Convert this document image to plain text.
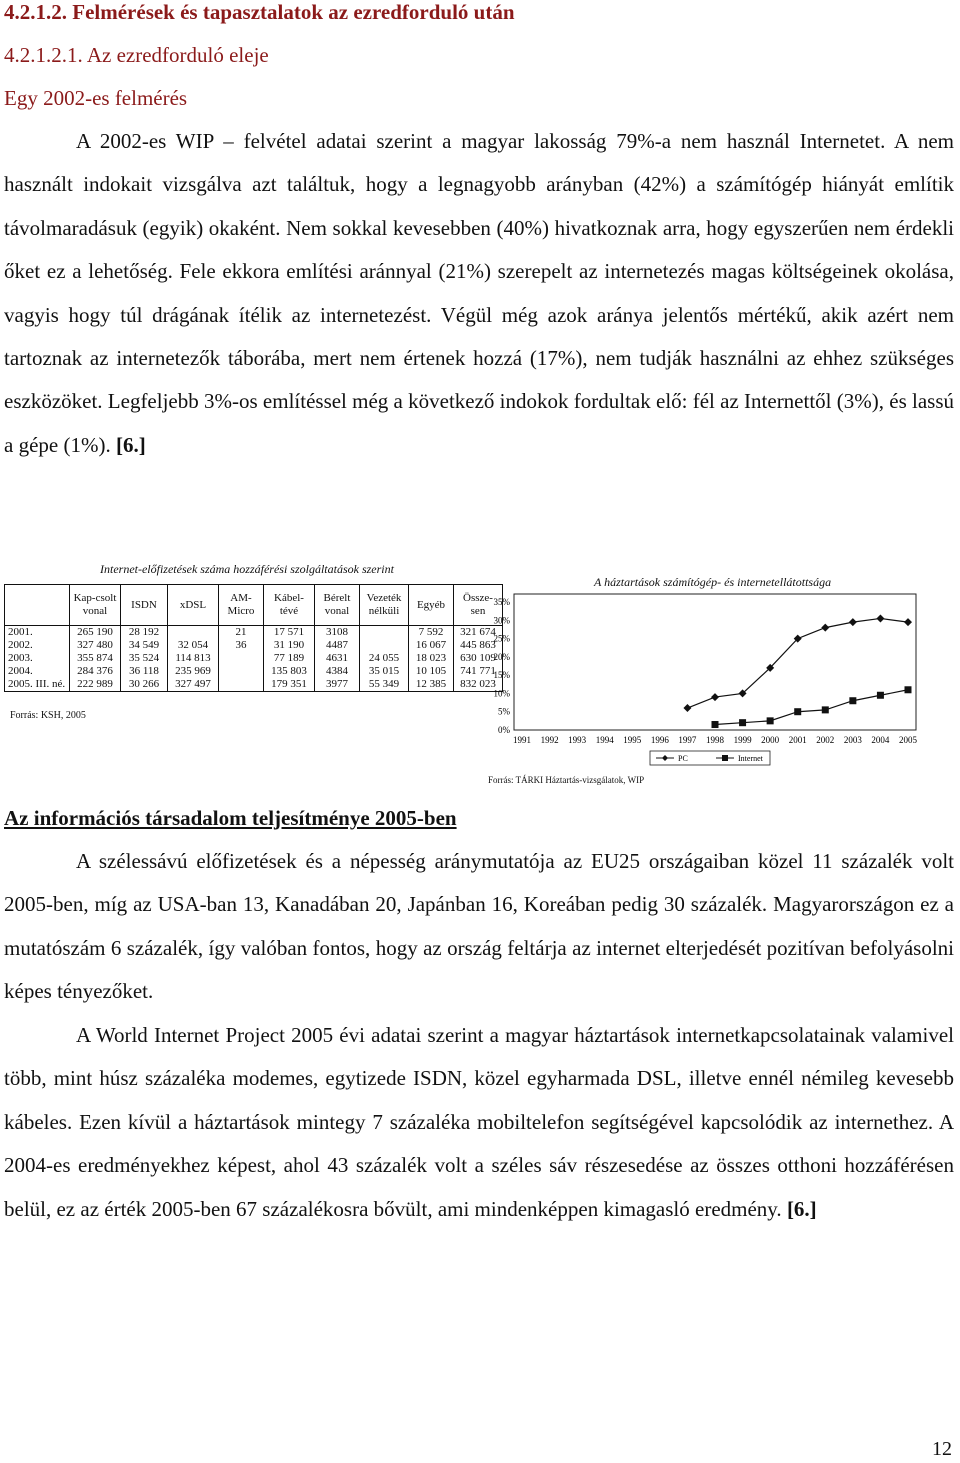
4.2.1.2. Felmérések és tapasztalatok az ezredforduló után
4.2.1.2.1. Az ezredforduló eleje
Egy 2002-es felmérés
A 2002-es WIP – felvétel adatai szerint a magyar lakosság 79%-a nem használ Internetet. A nem használt indokait vizsgálva azt találtuk, hogy a legnagyobb arányban (42%) a számítógép hiányát említik távolmaradásuk (egyik) okaként. Nem sokkal kevesebben (40%) hivatkoznak arra, hogy egyszerűen nem érdekli őket ez a lehetőség. Fele ekkora említési aránnyal (21%) szerepelt az internetezés magas költségeinek okolása, vagyis hogy túl drágának ítélik az internetezést. Végül még azok aránya jelentős mértékű, akik azért nem tartoznak az internetezők táborába, mert nem értenek hozzá (17%), nem tudják használni az ehhez szükséges eszközöket. Legfeljebb 3%-os említéssel még a következő indokok fordultak elő: fél az Internettől (3%), és lassú a gépe (1%). [6.]
Internet-előfizetések száma hozzáférési szolgáltatások szerint
	Kap-csolt vonal	ISDN	xDSL	AM-Micro	Kábel-tévé	Bérelt vonal	Vezeték nélküli	Egyéb	Össze-sen
2001.	265 190	28 192		21	17 571	3108		7 592	321 674
2002.	327 480	34 549	32 054	36	31 190	4487		16 067	445 863
2003.	355 874	35 524	114 813		77 189	4631	24 055	18 023	630 109
2004.	284 376	36 118	235 969		135 803	4384	35 015	10 105	741 771
2005. III. né.	222 989	30 266	327 497		179 351	3977	55 349	12 385	832 023
Forrás: KSH, 2005
A háztartások számítógép- és internetellátottsága
0%
5%
10%
15%
20%
25%
30%
35%
1991 1992 1993 1994 1995 1996 1997 1998 1999 2000 2001 2002 2003 2004 2005
PC	Internet
Forrás: TÁRKI Háztartás-vizsgálatok, WIP
Az információs társadalom teljesítménye 2005-ben
A szélessávú előfizetések és a népesség aránymutatója az EU25 országaiban közel 11 százalék volt 2005-ben, míg az USA-ban 13, Kanadában 20, Japánban 16, Koreában pedig 30 százalék. Magyarországon ez a mutatószám 6 százalék, így valóban fontos, hogy az ország feltárja az internet elterjedését pozitívan befolyásolni képes tényezőket.
A World Internet Project 2005 évi adatai szerint a magyar háztartások internetkapcsolatainak valamivel több, mint húsz százaléka modemes, egytizede ISDN, közel egyharmada DSL, illetve ennél némileg kevesebb kábeles. Ezen kívül a háztartások mintegy 7 százaléka mobiltelefon segítségével kapcsolódik az internethez. A 2004-es eredményekhez képest, ahol 43 százalék volt a széles sáv részesedése az összes otthoni hozzáférésen belül, ez az érték 2005-ben 67 százalékosra bővült, ami mindenképpen kimagasló eredmény. [6.]
12
